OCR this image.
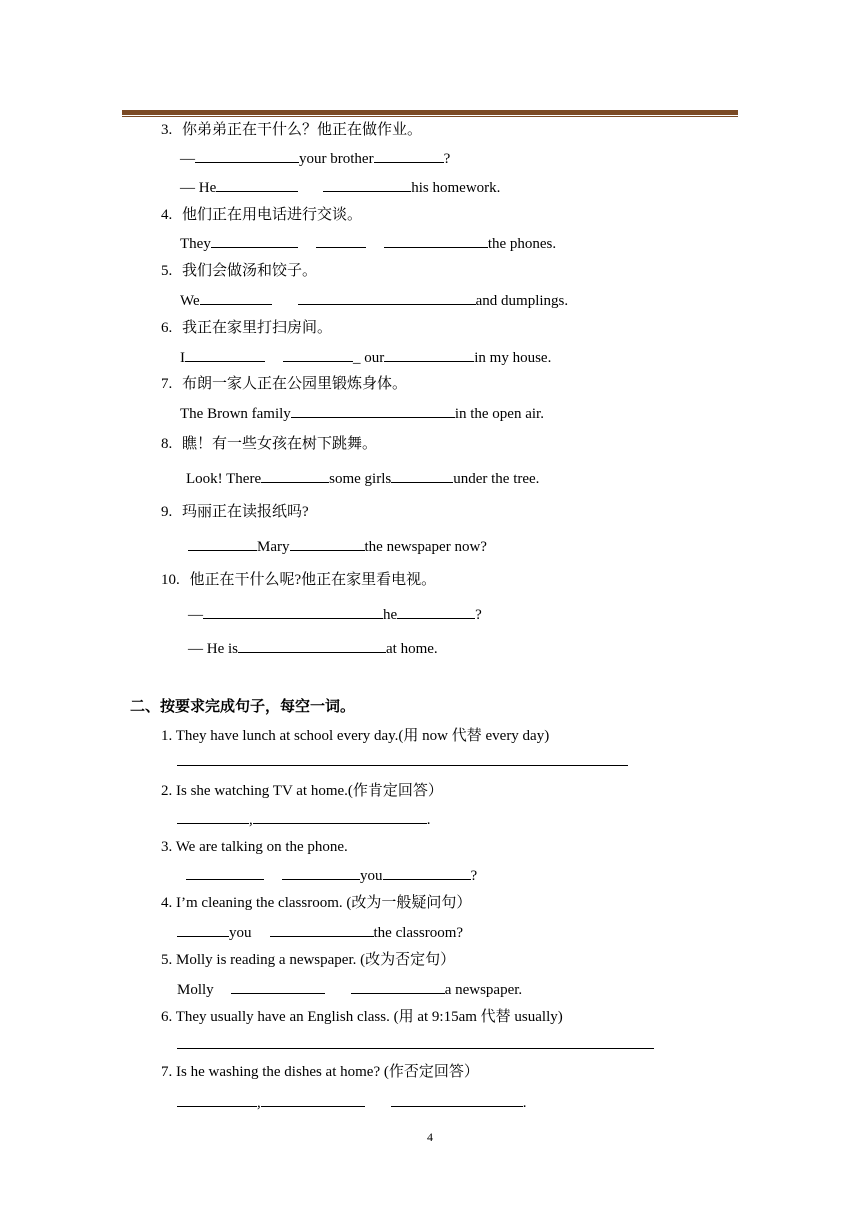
3. 你弟弟正在干什么？他正在做作业。
—	your brother	?
— He	his homework.
4. 他们正在用电话进行交谈。
They	the phones.
5. 我们会做汤和饺子。
We	and dumplings.
6. 我正在家里打扫房间。
I	_ our	in my house.
7. 布朗一家人正在公园里锻炼身体。
The Brown family	in the open air.
8. 瞧！有一些女孩在树下跳舞。
Look! There	some girls	under the tree.
9. 玛丽正在读报纸吗?
Mary	the newspaper now?
10. 他正在干什么呢?他正在家里看电视。
—	he	?
— He is	at home.
二、按要求完成句子，每空一词。
1. They have lunch at school every day.(用 now 代替 every day)
2. Is she watching TV at home.(作肯定回答）
,	.
3. We are talking on the phone.
you	?
4. I’m cleaning the classroom. (改为一般疑问句）
you	the classroom?
5. Molly is reading a newspaper. (改为否定句）
Molly	a newspaper.
6. They usually have an English class. (用 at 9:15am 代替 usually)
7. Is he washing the dishes at home? (作否定回答）
,	.
4
